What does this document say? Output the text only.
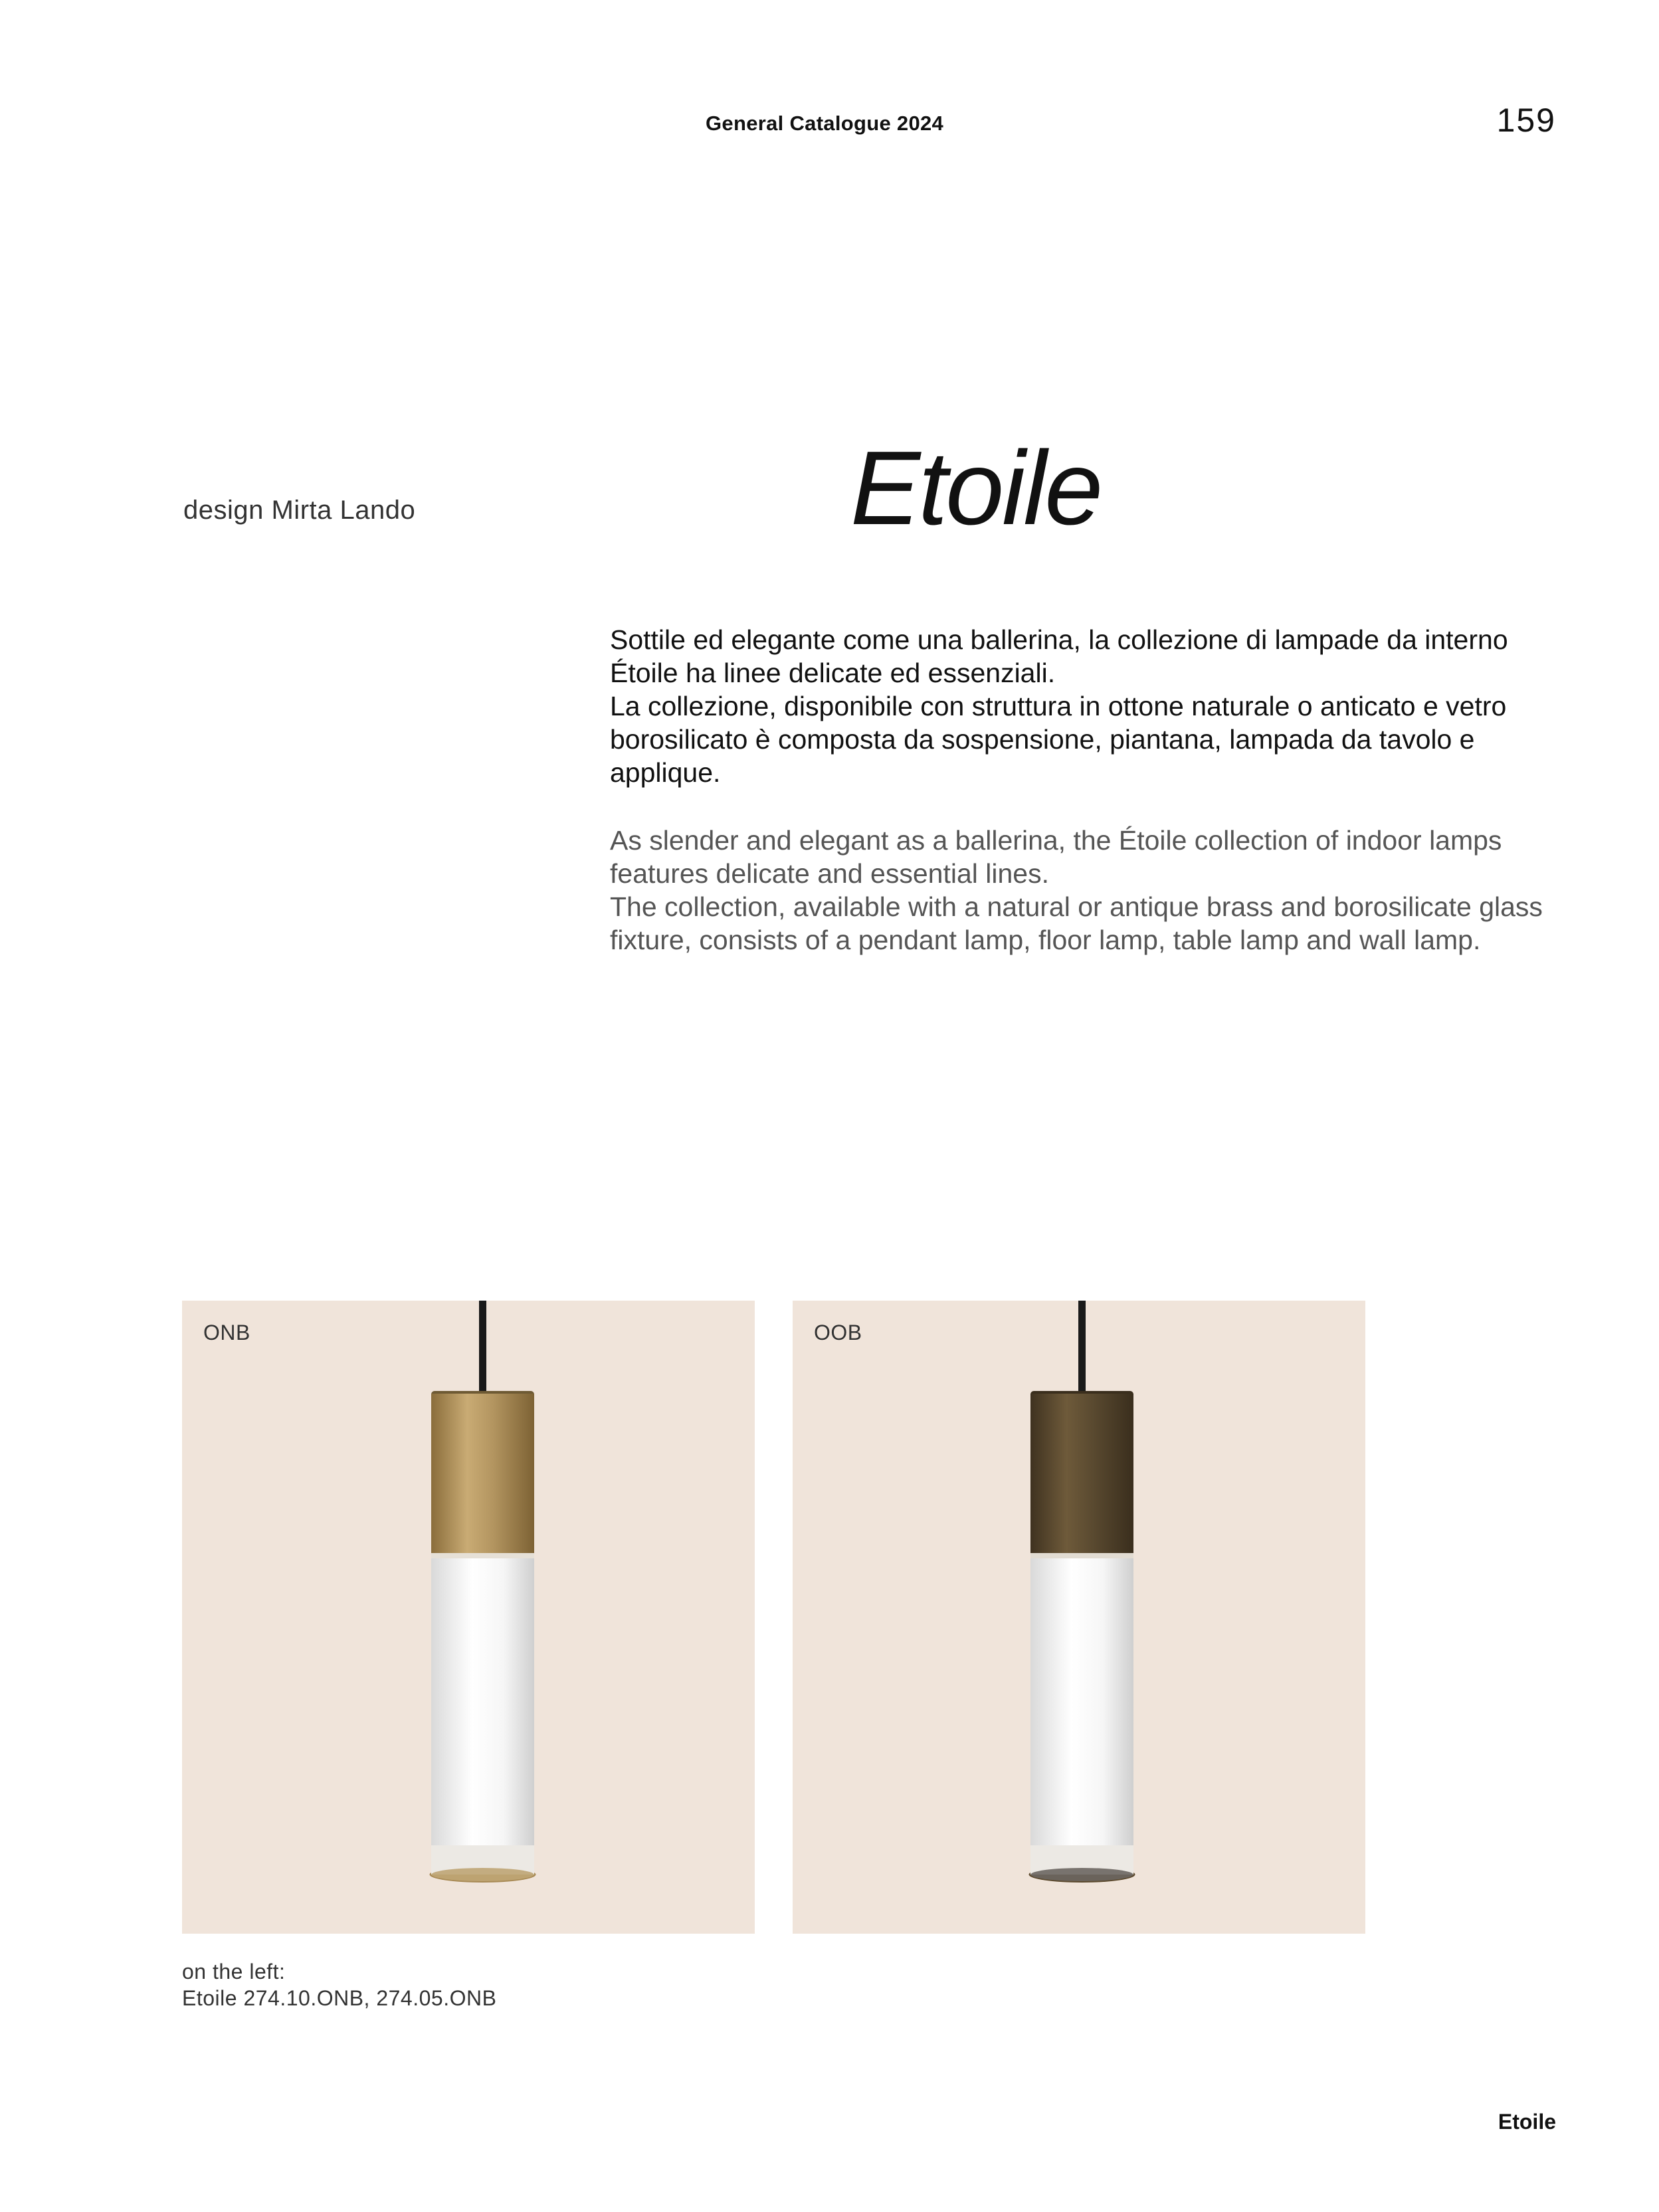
General Catalogue 2024	159
design Mirta Lando	Etoile

Sottile ed elegante come una ballerina, la collezione di lampade da interno Étoile ha linee delicate ed essenziali.

La collezione, disponibile con struttura in ottone naturale o anticato e vetro borosilicato è composta da sospensione, piantana, lampada da tavolo e applique.

As slender and elegant as a ballerina, the Étoile collection of indoor lamps features delicate and essential lines.

The collection, available with a natural or antique brass and borosilicate glass fixture, consists of a pendant lamp, floor lamp, table lamp and wall lamp.

ONB	OOB
on the left:
Etoile 274.10.ONB, 274.05.ONB
Etoile
